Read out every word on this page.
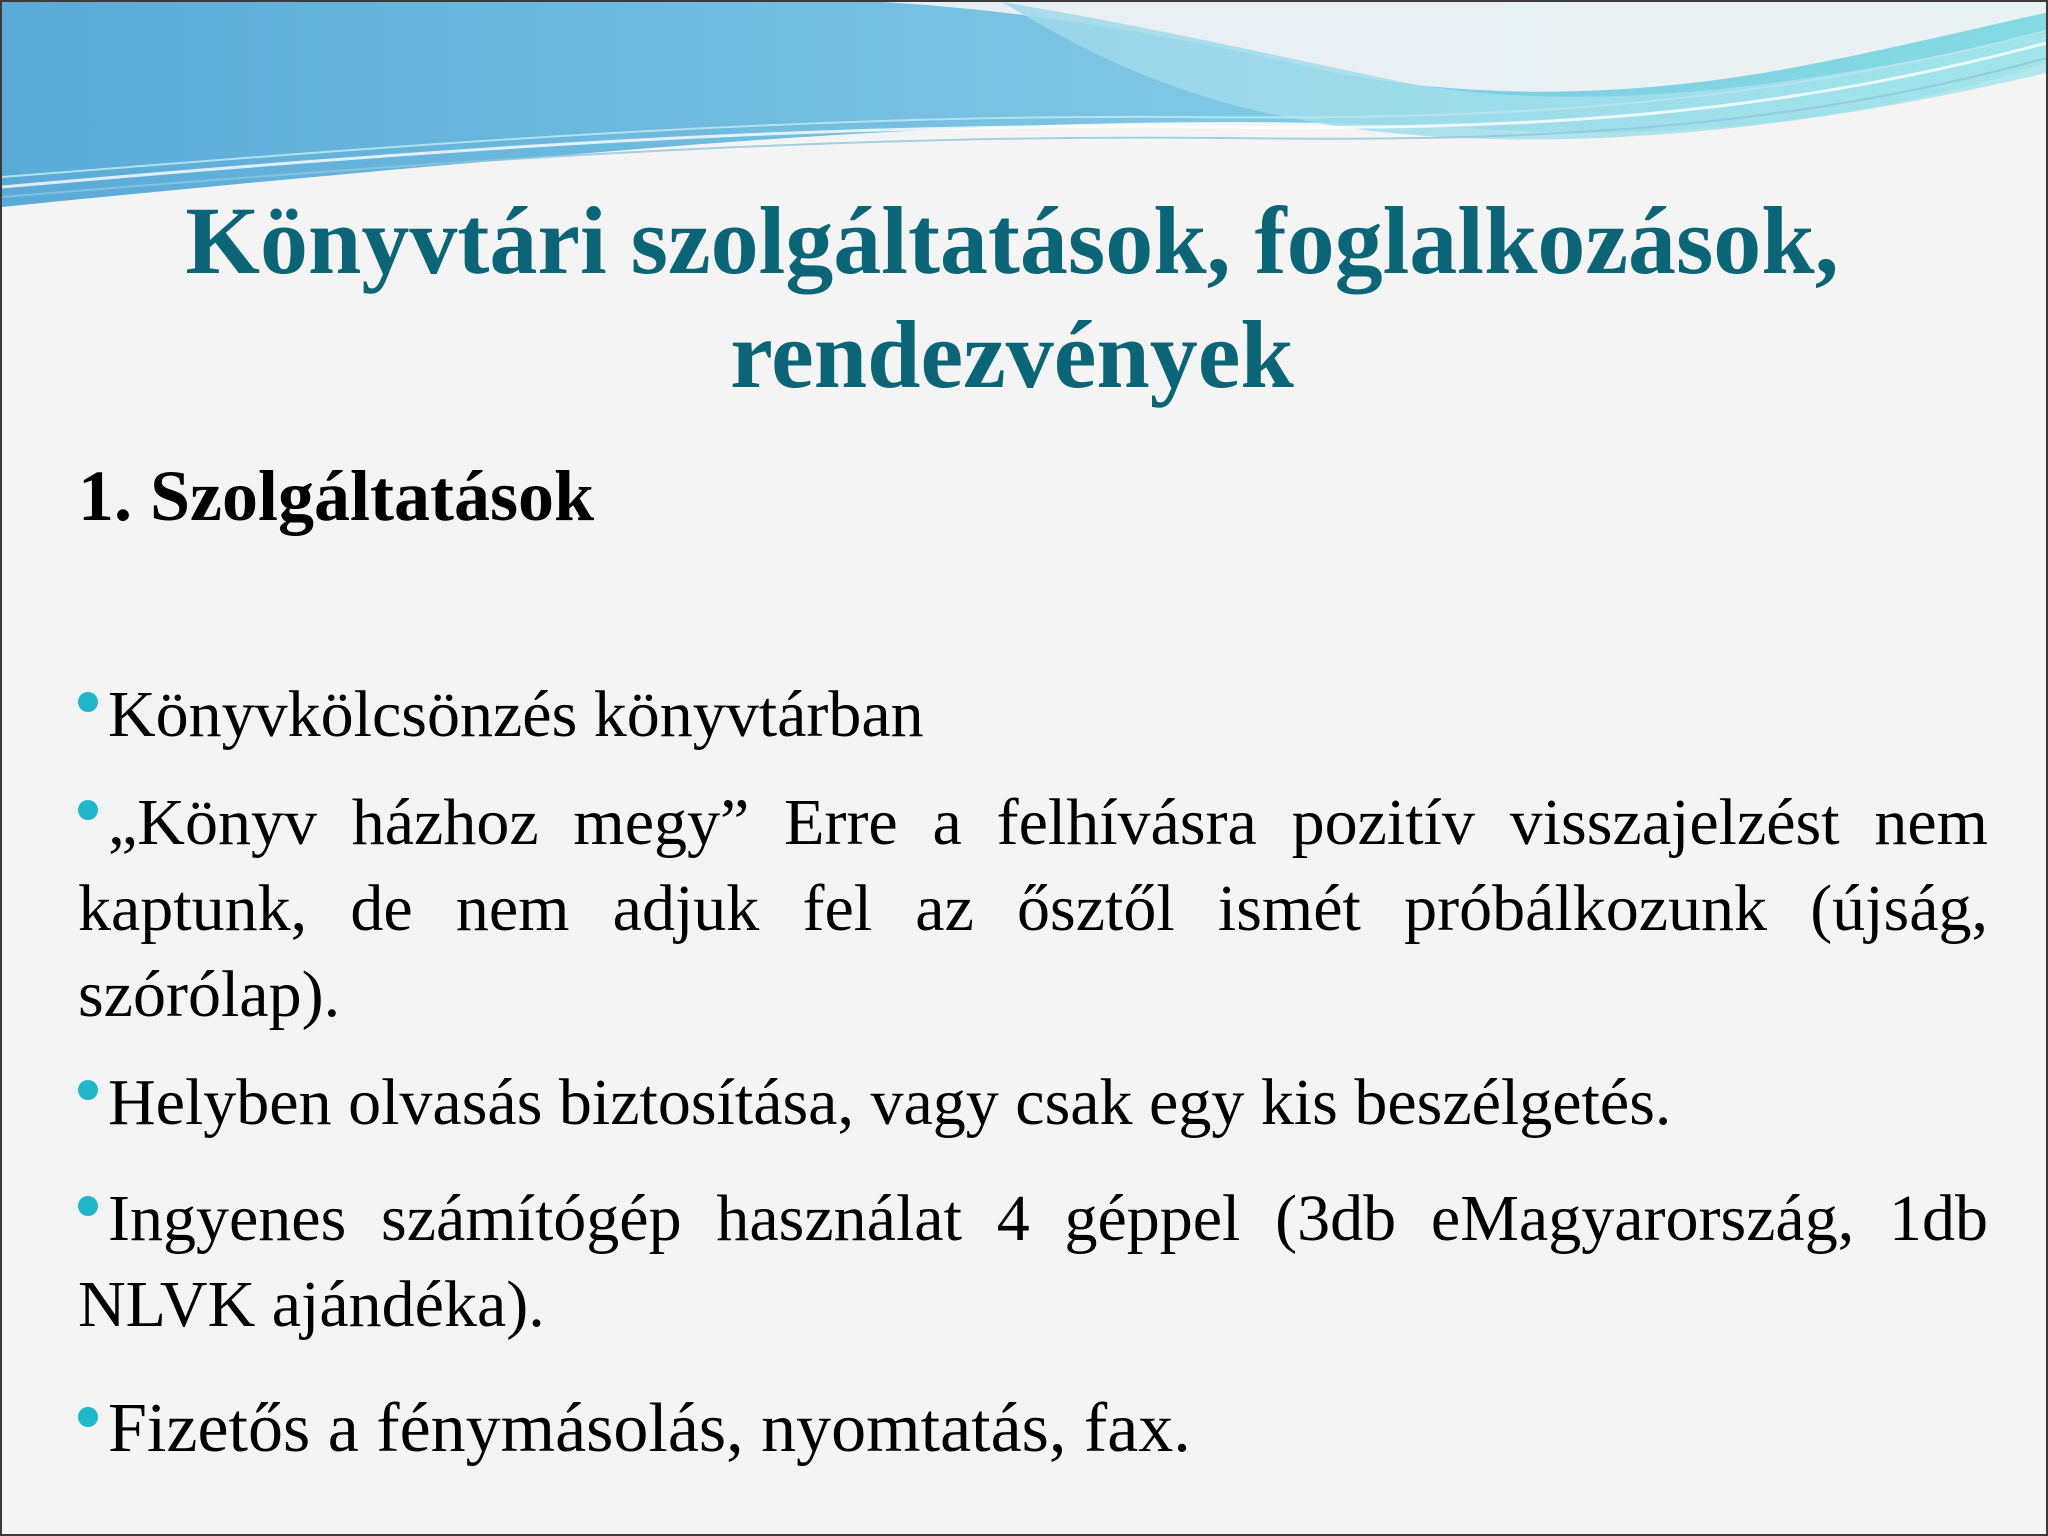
Könyvtári szolgáltatások, foglalkozások,
rendezvények
1. Szolgáltatások
Könyvkölcsönzés könyvtárban
„Könyv házhoz megy” Erre a felhívásra pozitív visszajelzést nem kaptunk, de nem adjuk fel az ősztől ismét próbálkozunk (újság, szórólap).
Helyben olvasás biztosítása, vagy csak egy kis beszélgetés.
Ingyenes számítógép használat 4 géppel (3db eMagyarország, 1db NLVK ajándéka).
Fizetős a fénymásolás, nyomtatás, fax.
